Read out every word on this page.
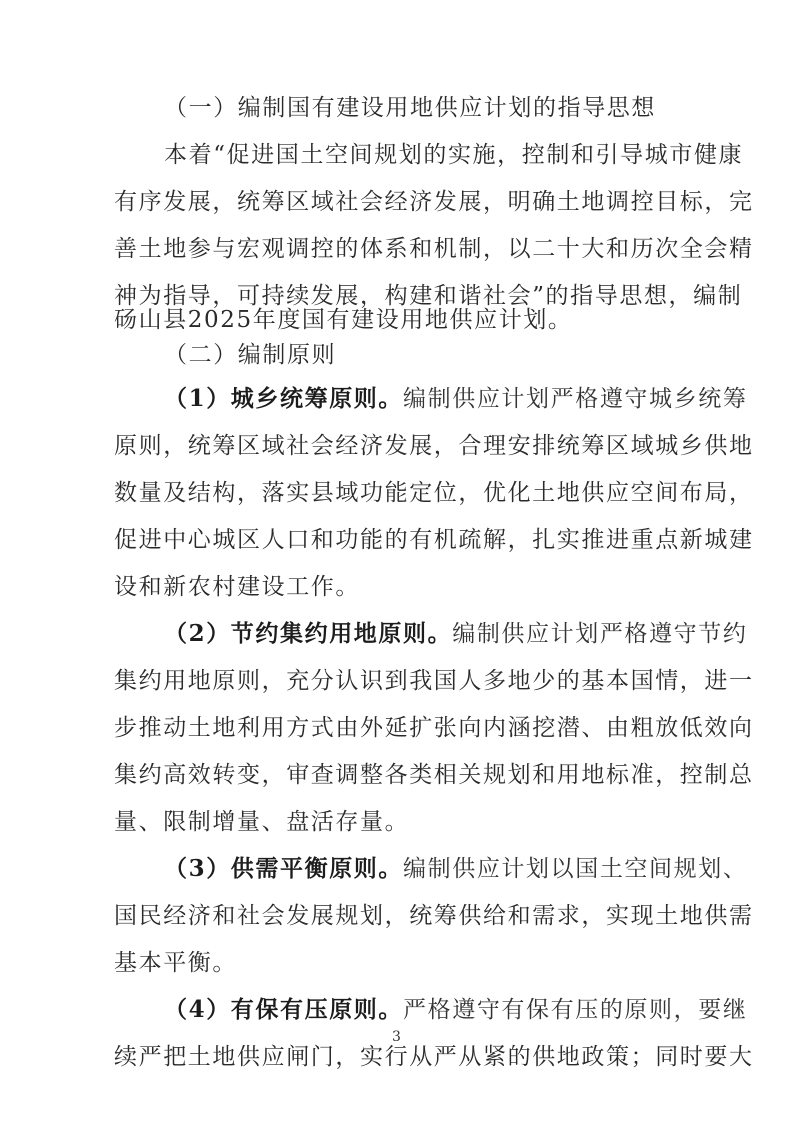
（一）编制国有建设用地供应计划的指导思想
本着“促进国土空间规划的实施，控制和引导城市健康
有序发展，统筹区域社会经济发展，明确土地调控目标，完
善土地参与宏观调控的体系和机制，以二十大和历次全会精
神为指导，可持续发展，构建和谐社会”的指导思想，编制
砀山县2025年度国有建设用地供应计划。
（二）编制原则
（1）城乡统筹原则。编制供应计划严格遵守城乡统筹
原则，统筹区域社会经济发展，合理安排统筹区域城乡供地
数量及结构，落实县域功能定位，优化土地供应空间布局，
促进中心城区人口和功能的有机疏解，扎实推进重点新城建
设和新农村建设工作。
（2）节约集约用地原则。编制供应计划严格遵守节约
集约用地原则，充分认识到我国人多地少的基本国情，进一
步推动土地利用方式由外延扩张向内涵挖潜、由粗放低效向
集约高效转变，审查调整各类相关规划和用地标准，控制总
量、限制增量、盘活存量。
（3）供需平衡原则。编制供应计划以国土空间规划、
国民经济和社会发展规划，统筹供给和需求，实现土地供需
基本平衡。
（4）有保有压原则。严格遵守有保有压的原则，要继
续严把土地供应闸门，实行从严从紧的供地政策；同时要大
3
